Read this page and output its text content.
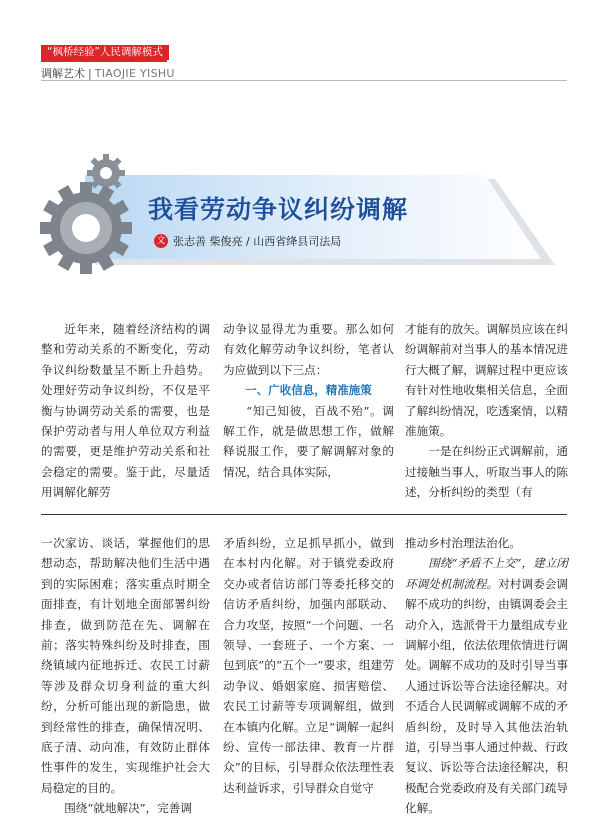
“枫桥经验”人民调解模式
调解艺术 | TIAOJIE YISHU
我看劳动争议纠纷调解
文 张志善 柴俊亮 / 山西省绛县司法局

近年来，随着经济结构的调整和劳动关系的不断变化，劳动争议纠纷数量呈不断上升趋势。处理好劳动争议纠纷，不仅是平衡与协调劳动关系的需要，也是保护劳动者与用人单位双方利益的需要，更是维护劳动关系和社会稳定的需要。鉴于此，尽量适用调解化解劳

动争议显得尤为重要。那么如何有效化解劳动争议纠纷，笔者认为应做到以下三点：

一、广收信息，精准施策

“知己知彼，百战不殆”。调解工作，就是做思想工作，做解释说服工作，要了解调解对象的情况，结合具体实际，

才能有的放矢。调解员应该在纠纷调解前对当事人的基本情况进行大概了解，调解过程中更应该有针对性地收集相关信息，全面了解纠纷情况，吃透案情，以精准施策。

一是在纠纷正式调解前，通过接触当事人，听取当事人的陈述，分析纠纷的类型（有

一次家访、谈话，掌握他们的思想动态，帮助解决他们生活中遇到的实际困难；落实重点时期全面排查，有计划地全面部署纠纷排查，做到防范在先、调解在前；落实特殊纠纷及时排查，围绕镇域内征地拆迁、农民工讨薪等涉及群众切身利益的重大纠纷，分析可能出现的新隐患，做到经常性的排查，确保情况明、底子清、动向准，有效防止群体性事件的发生，实现维护社会大局稳定的目的。

围绕“就地解决”，完善调

矛盾纠纷，立足抓早抓小，做到在本村内化解。对于镇党委政府交办或者信访部门等委托移交的信访矛盾纠纷，加强内部联动、合力攻坚，按照“一个问题、一名领导、一套班子、一个方案、一包到底”的“五个一”要求，组建劳动争议、婚姻家庭、损害赔偿、农民工讨薪等专项调解组，做到在本镇内化解。立足“调解一起纠纷、宣传一部法律、教育一片群众”的目标，引导群众依法理性表达利益诉求，引导群众自觉守

推动乡村治理法治化。

围绕“矛盾不上交”，建立闭环调处机制流程。对村调委会调解不成功的纠纷，由镇调委会主动介入，选派骨干力量组成专业调解小组，依法依理依情进行调处。调解不成功的及时引导当事人通过诉讼等合法途径解决。对不适合人民调解或调解不成的矛盾纠纷，及时导入其他法治轨道，引导当事人通过仲裁、行政复议、诉讼等合法途径解决，积极配合党委政府及有关部门疏导化解。
